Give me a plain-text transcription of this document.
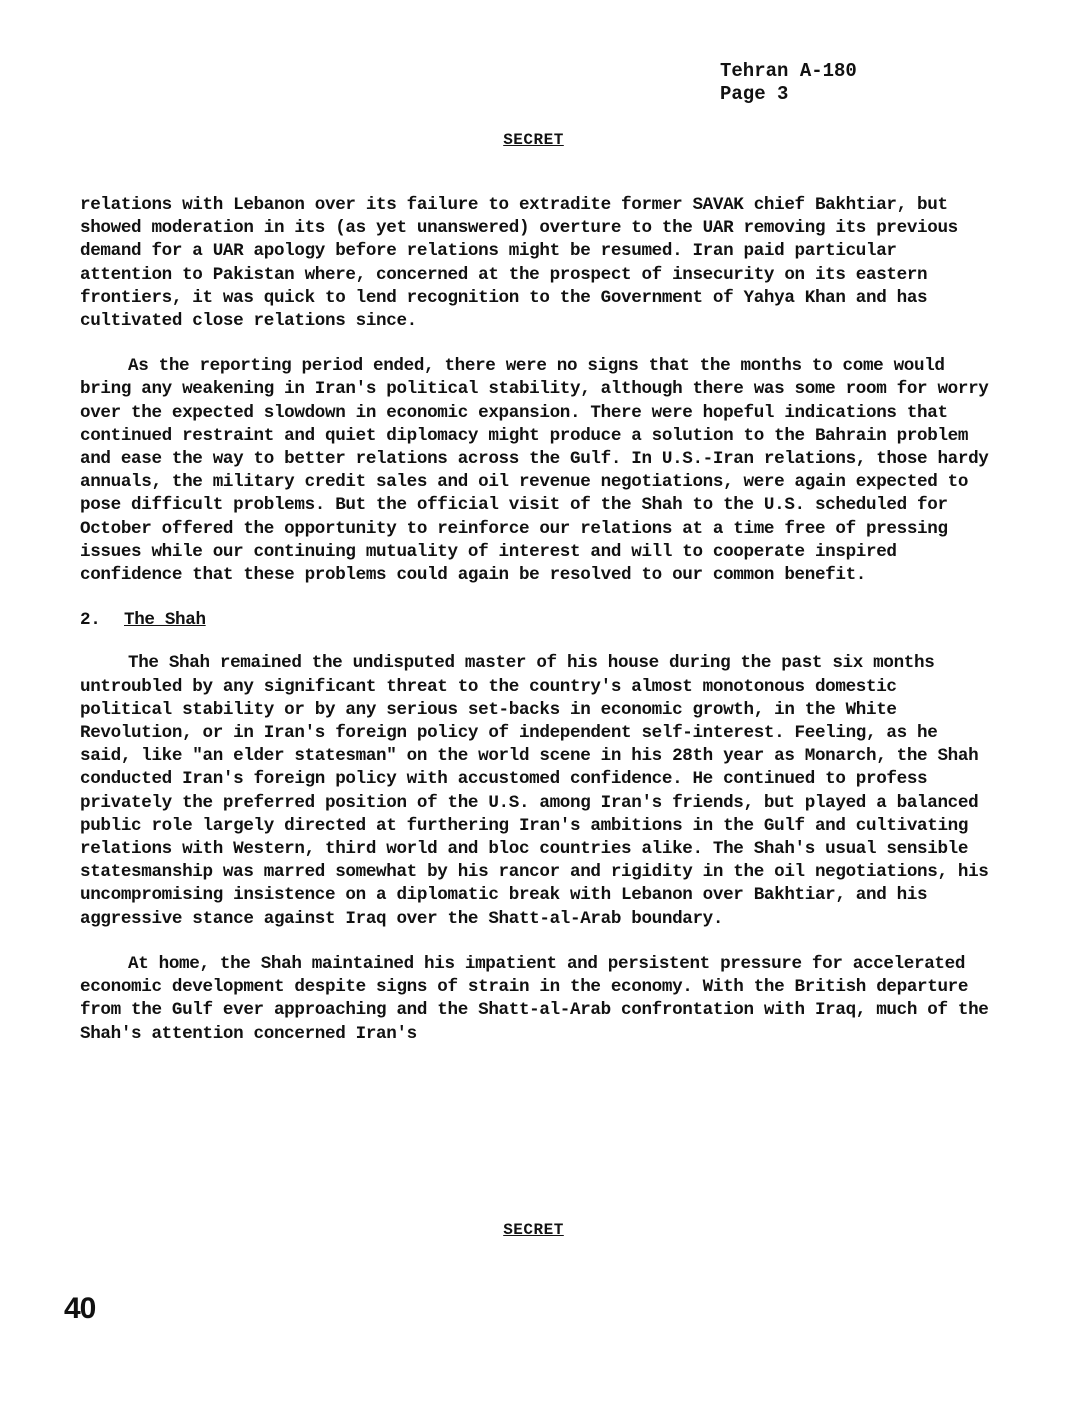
Tehran A-180
Page 3
SECRET

relations with Lebanon over its failure to extradite former SAVAK chief Bakhtiar, but showed moderation in its (as yet unanswered) overture to the UAR removing its previous demand for a UAR apology before relations might be resumed. Iran paid particular attention to Pakistan where, concerned at the prospect of insecurity on its eastern frontiers, it was quick to lend recognition to the Government of Yahya Khan and has cultivated close relations since.

As the reporting period ended, there were no signs that the months to come would bring any weakening in Iran's political stability, although there was some room for worry over the expected slowdown in economic expansion. There were hopeful indications that continued restraint and quiet diplomacy might produce a solution to the Bahrain problem and ease the way to better relations across the Gulf. In U.S.-Iran relations, those hardy annuals, the military credit sales and oil revenue negotiations, were again expected to pose difficult problems. But the official visit of the Shah to the U.S. scheduled for October offered the opportunity to reinforce our relations at a time free of pressing issues while our continuing mutuality of interest and will to cooperate inspired confidence that these problems could again be resolved to our common benefit.

2. The Shah

The Shah remained the undisputed master of his house during the past six months untroubled by any significant threat to the country's almost monotonous domestic political stability or by any serious set-backs in economic growth, in the White Revolution, or in Iran's foreign policy of independent self-interest. Feeling, as he said, like "an elder statesman" on the world scene in his 28th year as Monarch, the Shah conducted Iran's foreign policy with accustomed confidence. He continued to profess privately the preferred position of the U.S. among Iran's friends, but played a balanced public role largely directed at furthering Iran's ambitions in the Gulf and cultivating relations with Western, third world and bloc countries alike. The Shah's usual sensible statesmanship was marred somewhat by his rancor and rigidity in the oil negotiations, his uncompromising insistence on a diplomatic break with Lebanon over Bakhtiar, and his aggressive stance against Iraq over the Shatt-al-Arab boundary.

At home, the Shah maintained his impatient and persistent pressure for accelerated economic development despite signs of strain in the economy. With the British departure from the Gulf ever approaching and the Shatt-al-Arab confrontation with Iraq, much of the Shah's attention concerned Iran's

SECRET
40
